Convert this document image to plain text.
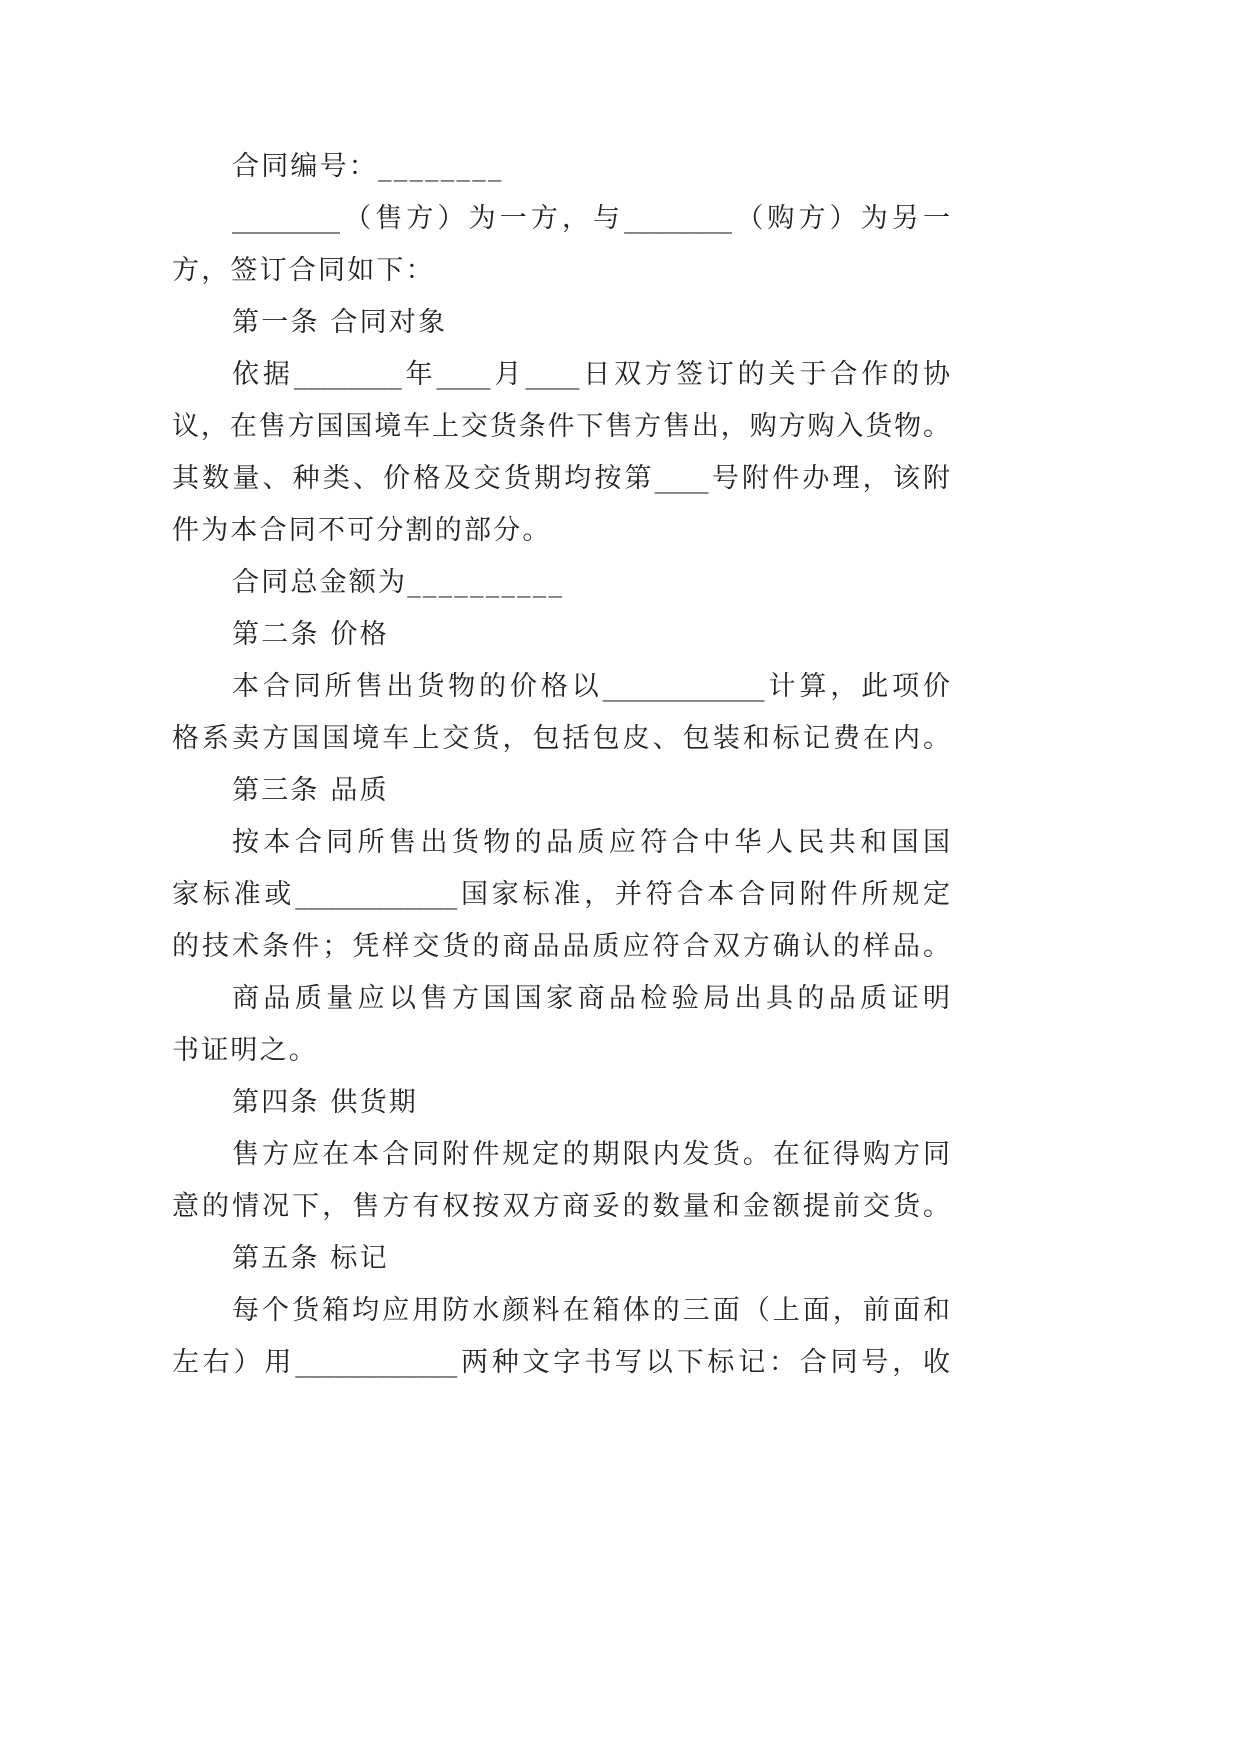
合同编号：________
________（售方）为一方，与________（购方）为另一
方，签订合同如下：
第一条 合同对象
依据________年____月____日双方签订的关于合作的协
议，在售方国国境车上交货条件下售方售出，购方购入货物。
其数量、种类、价格及交货期均按第____号附件办理，该附
件为本合同不可分割的部分。
合同总金额为__________
第二条 价格
本合同所售出货物的价格以____________计算，此项价
格系卖方国国境车上交货，包括包皮、包装和标记费在内。
第三条 品质
按本合同所售出货物的品质应符合中华人民共和国国
家标准或____________国家标准，并符合本合同附件所规定
的技术条件；凭样交货的商品品质应符合双方确认的样品。
商品质量应以售方国国家商品检验局出具的品质证明
书证明之。
第四条 供货期
售方应在本合同附件规定的期限内发货。在征得购方同
意的情况下，售方有权按双方商妥的数量和金额提前交货。
第五条 标记
每个货箱均应用防水颜料在箱体的三面（上面，前面和
左右）用____________两种文字书写以下标记：合同号，收
